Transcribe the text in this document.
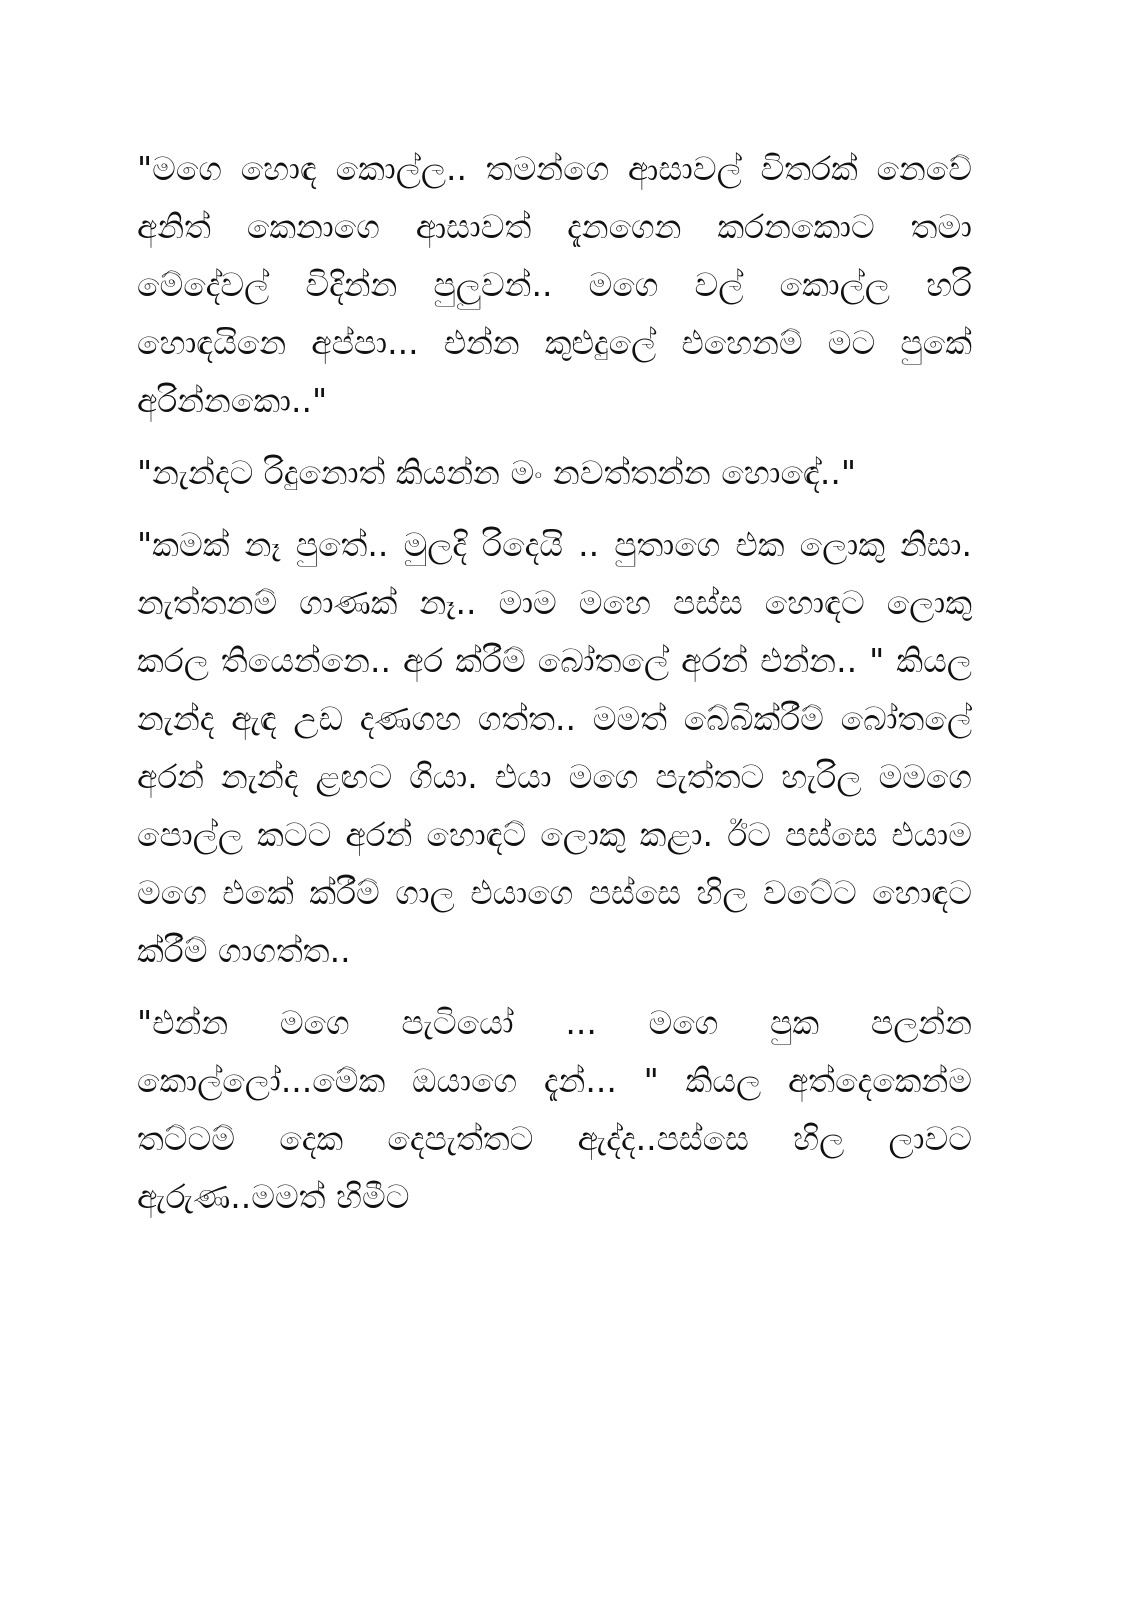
"මගෙ හොඳ කොල්ල.. තමන්ගෙ ආසාවල් විතරක් නෙවේ අනිත් කෙනාගෙ ආසාවත් දැනගෙන කරනකොට තමා මේදේවල් විදින්න පුලුවන්.. මගෙ වල් කොල්ල හරි හොඳයිනෙ අප්පා... එන්න කුළුදුලේ එහෙනම් මට පුකේ අරින්නකො.."

"නැන්දට රිදුනොත් කියන්න මං නවත්තන්න හොඳේ.."

"කමක් නෑ පුතේ.. මුලදි රිදෙයි .. පුතාගෙ එක ලොකු නිසා. නැත්තනම් ගාණක් නෑ.. මාම මහෙ පස්ස හොඳට ලොකු කරල තියෙන්නෙ.. අර ක්රීම් බෝතලේ අරන් එන්න.. " කියල නැන්ද ඇඳ උඩ දණගහ ගත්ත.. මමත් බේබික්රීම් බෝතලේ අරන් නැන්ද ළඟට ගියා. එයා මගෙ පැත්තට හැරිල මමගෙ පොල්ල කටට අරන් හොඳට් ලොකු කළා. ඊට පස්සෙ එයාම මගෙ එකේ ක්රීම් ගාල එයාගෙ පස්සෙ හිල වටේට හොඳට ක්රීම් ගාගත්ත..

"එන්න මගෙ පැටියෝ ... මගෙ පුක පලන්න කොල්ලෝ...මේක ඔයාගෙ දැන්... " කියල අත්දෙකෙන්ම තට්ටම් දෙක දෙපැත්තට ඇද්ද..පස්සෙ හිල ලාවට ඇරුණ..මමත් හිමීට
